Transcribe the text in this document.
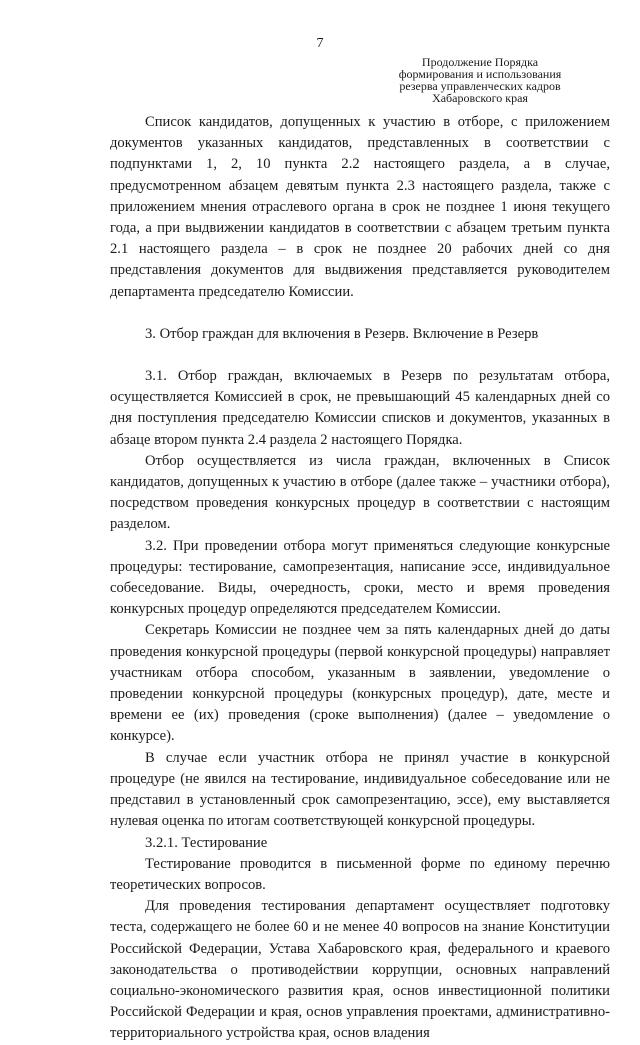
7
Продолжение Порядка
формирования и использования
резерва управленческих кадров
Хабаровского края

Список кандидатов, допущенных к участию в отборе, с приложением документов указанных кандидатов, представленных в соответствии с подпунктами 1, 2, 10 пункта 2.2 настоящего раздела, а в случае, предусмотренном абзацем девятым пункта 2.3 настоящего раздела, также с приложением мнения отраслевого органа в срок не позднее 1 июня текущего года, а при выдвижении кандидатов в соответствии с абзацем третьим пункта 2.1 настоящего раздела – в срок не позднее 20 рабочих дней со дня представления документов для выдвижения представляется руководителем департамента председателю Комиссии.

3. Отбор граждан для включения в Резерв. Включение в Резерв

3.1. Отбор граждан, включаемых в Резерв по результатам отбора, осуществляется Комиссией в срок, не превышающий 45 календарных дней со дня поступления председателю Комиссии списков и документов, указанных в абзаце втором пункта 2.4 раздела 2 настоящего Порядка.

Отбор осуществляется из числа граждан, включенных в Список кандидатов, допущенных к участию в отборе (далее также – участники отбора), посредством проведения конкурсных процедур в соответствии с настоящим разделом.

3.2. При проведении отбора могут применяться следующие конкурсные процедуры: тестирование, самопрезентация, написание эссе, индивидуальное собеседование. Виды, очередность, сроки, место и время проведения конкурсных процедур определяются председателем Комиссии.

Секретарь Комиссии не позднее чем за пять календарных дней до даты проведения конкурсной процедуры (первой конкурсной процедуры) направляет участникам отбора способом, указанным в заявлении, уведомление о проведении конкурсной процедуры (конкурсных процедур), дате, месте и времени ее (их) проведения (сроке выполнения) (далее – уведомление о конкурсе).

В случае если участник отбора не принял участие в конкурсной процедуре (не явился на тестирование, индивидуальное собеседование или не представил в установленный срок самопрезентацию, эссе), ему выставляется нулевая оценка по итогам соответствующей конкурсной процедуры.

3.2.1. Тестирование

Тестирование проводится в письменной форме по единому перечню теоретических вопросов.

Для проведения тестирования департамент осуществляет подготовку теста, содержащего не более 60 и не менее 40 вопросов на знание Конституции Российской Федерации, Устава Хабаровского края, федерального и краевого законодательства о противодействии коррупции, основных направлений социально-экономического развития края, основ инвестиционной политики Российской Федерации и края, основ управления проектами, административно-территориального устройства края, основ владения
